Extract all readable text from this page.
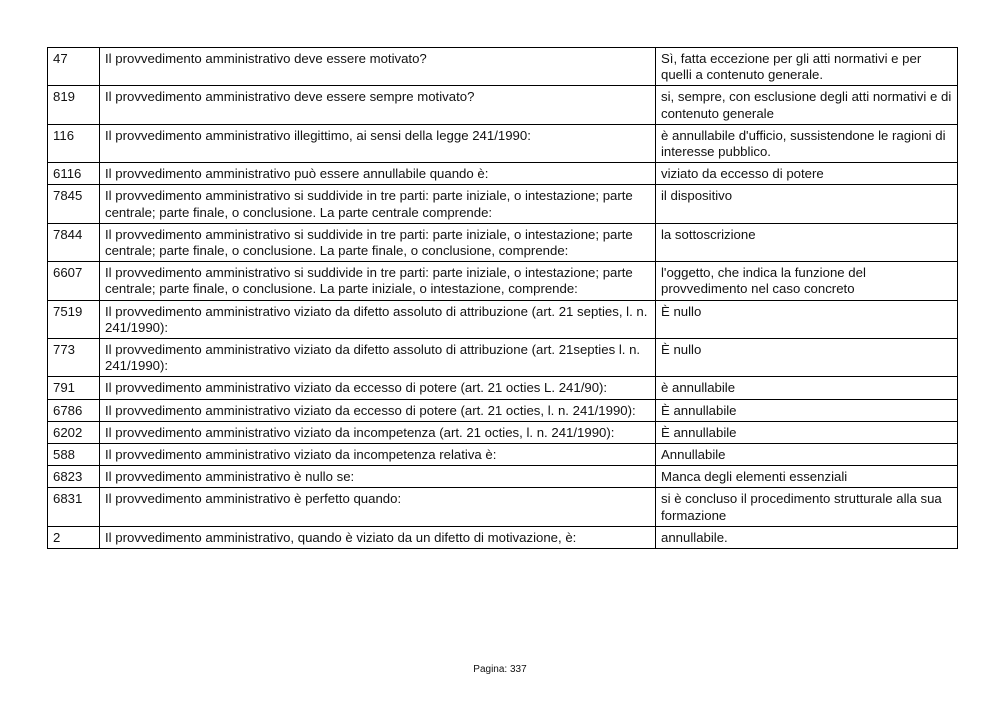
47	Il provvedimento amministrativo deve essere motivato?	Sì, fatta eccezione per gli atti normativi e per quelli a contenuto generale.
819	Il provvedimento amministrativo deve essere sempre motivato?	si, sempre, con esclusione degli atti normativi e di contenuto generale
116	Il provvedimento amministrativo illegittimo, ai sensi della legge 241/1990:	è annullabile d'ufficio, sussistendone le ragioni di interesse pubblico.
6116	Il provvedimento amministrativo può essere annullabile quando è:	viziato da eccesso di potere
7845	Il provvedimento amministrativo si suddivide in tre parti: parte iniziale, o intestazione; parte centrale; parte finale, o conclusione. La parte centrale comprende:	il dispositivo
7844	Il provvedimento amministrativo si suddivide in tre parti: parte iniziale, o intestazione; parte centrale; parte finale, o conclusione. La parte finale, o conclusione, comprende:	la sottoscrizione
6607	Il provvedimento amministrativo si suddivide in tre parti: parte iniziale, o intestazione; parte centrale; parte finale, o conclusione. La parte iniziale, o intestazione, comprende:	l'oggetto, che indica la funzione del provvedimento nel caso concreto
7519	Il provvedimento amministrativo viziato da difetto assoluto di attribuzione (art. 21 septies, l. n. 241/1990):	È nullo
773	Il provvedimento amministrativo viziato da difetto assoluto di attribuzione (art. 21septies l. n. 241/1990):	È nullo
791	Il provvedimento amministrativo viziato da eccesso di potere (art. 21 octies L. 241/90):	è annullabile
6786	Il provvedimento amministrativo viziato da eccesso di potere (art. 21 octies, l. n. 241/1990):	È annullabile
6202	Il provvedimento amministrativo viziato da incompetenza (art. 21 octies, l. n. 241/1990):	È annullabile
588	Il provvedimento amministrativo viziato da incompetenza relativa è:	Annullabile
6823	Il provvedimento amministrativo è nullo se:	Manca degli elementi essenziali
6831	Il provvedimento amministrativo è perfetto quando:	si è concluso il procedimento strutturale alla sua formazione
2	Il provvedimento amministrativo, quando è viziato da un difetto di motivazione, è:	annullabile.
Pagina: 337
